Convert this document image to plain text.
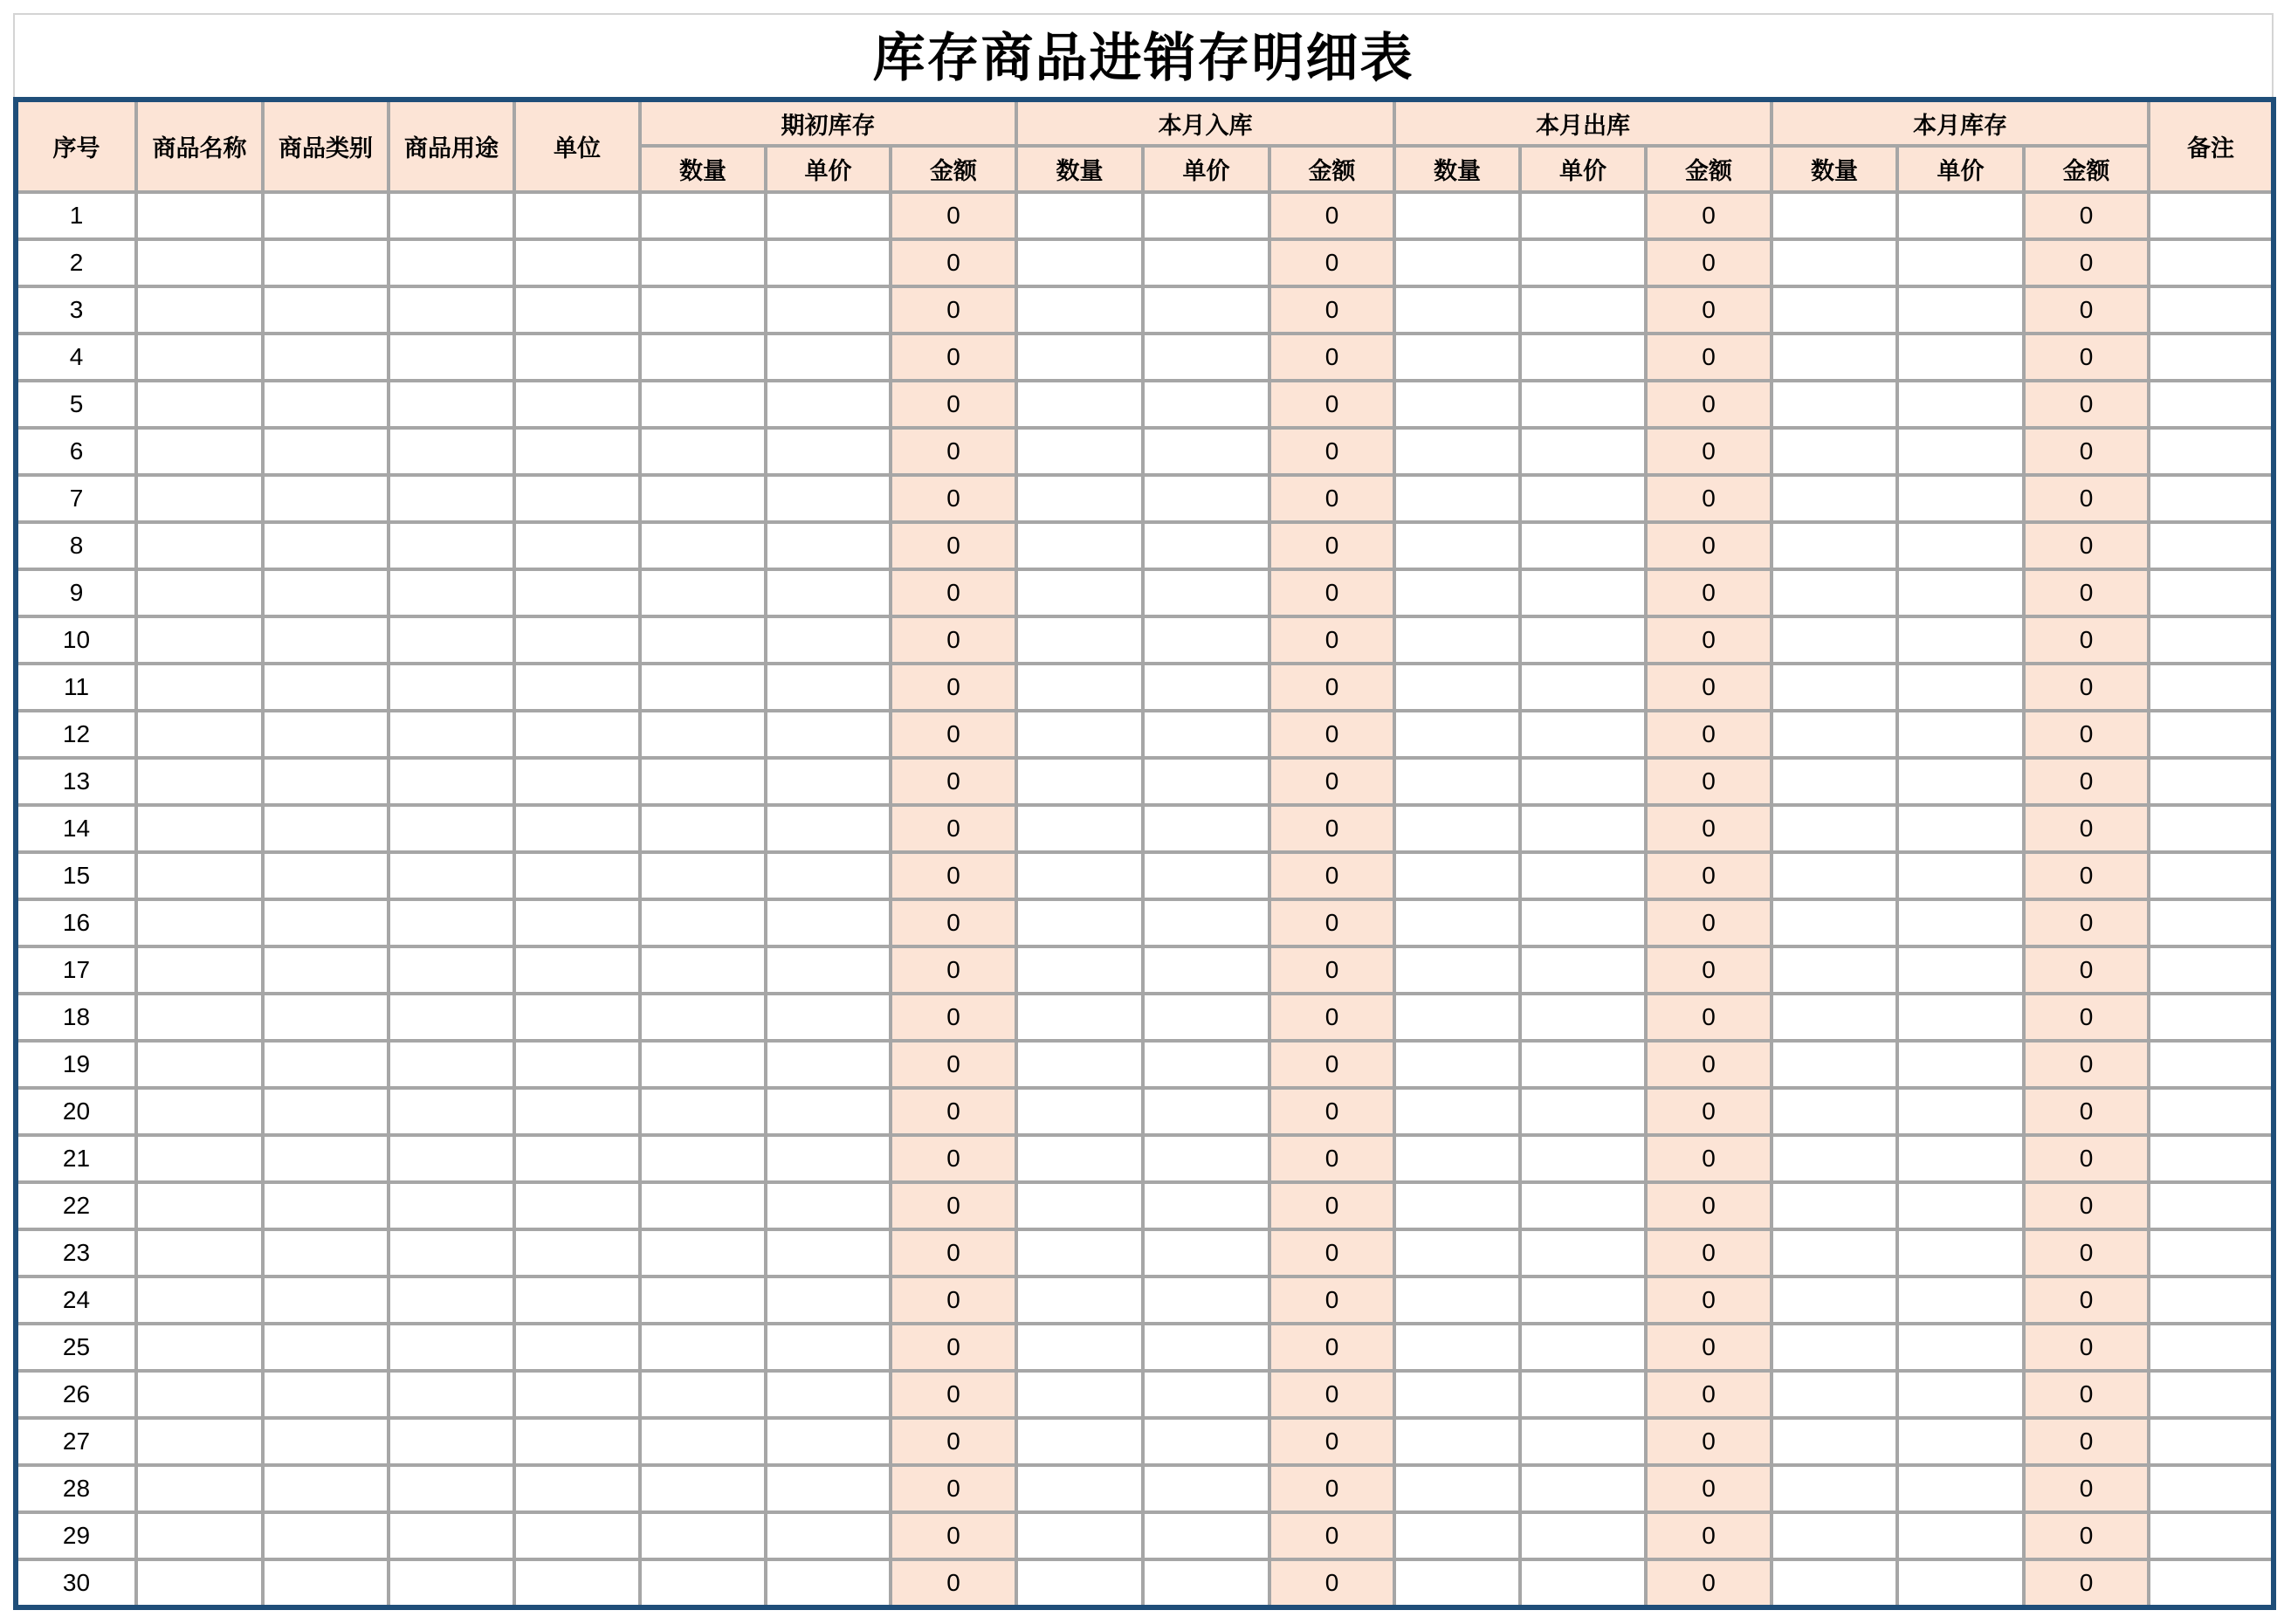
库存商品进销存明细表
序号	商品名称	商品类别	商品用途	单位	期初库存			本月入库			本月出库			本月库存			备注
					数量	单价	金额	数量	单价	金额	数量	单价	金额	数量	单价	金额	
1							0			0			0			0	
2							0			0			0			0	
3							0			0			0			0	
4							0			0			0			0	
5							0			0			0			0	
6							0			0			0			0	
7							0			0			0			0	
8							0			0			0			0	
9							0			0			0			0	
10							0			0			0			0	
11							0			0			0			0	
12							0			0			0			0	
13							0			0			0			0	
14							0			0			0			0	
15							0			0			0			0	
16							0			0			0			0	
17							0			0			0			0	
18							0			0			0			0	
19							0			0			0			0	
20							0			0			0			0	
21							0			0			0			0	
22							0			0			0			0	
23							0			0			0			0	
24							0			0			0			0	
25							0			0			0			0	
26							0			0			0			0	
27							0			0			0			0	
28							0			0			0			0	
29							0			0			0			0	
30							0			0			0			0	
